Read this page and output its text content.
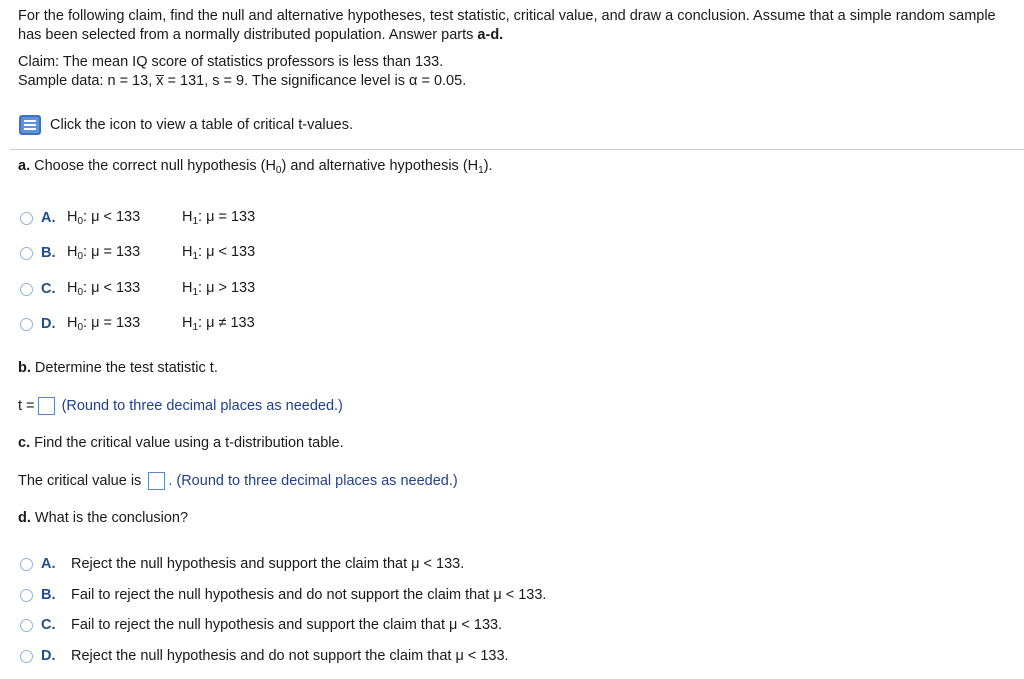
For the following claim, find the null and alternative hypotheses, test statistic, critical value, and draw a conclusion. Assume that a simple random sample has been selected from a normally distributed population. Answer parts a-d.
Claim: The mean IQ score of statistics professors is less than 133.
Sample data: n = 13, x̅ = 131, s = 9. The significance level is α = 0.05.
Click the icon to view a table of critical t-values.
a. Choose the correct null hypothesis $(H_0)$ and alternative hypothesis $(H_1)$.
A. $H_0$: μ < 133	$H_1$: μ = 133
B. $H_0$: μ = 133	$H_1$: μ < 133
C. $H_0$: μ < 133	$H_1$: μ > 133
D. $H_0$: μ = 133	$H_1$: μ ≠ 133
b. Determine the test statistic t.
t = (Round to three decimal places as needed.)
c. Find the critical value using a t-distribution table.
The critical value is . (Round to three decimal places as needed.)
d. What is the conclusion?
A.	Reject the null hypothesis and support the claim that μ < 133.
B.	Fail to reject the null hypothesis and do not support the claim that μ < 133.
C.	Fail to reject the null hypothesis and support the claim that μ < 133.
D.	Reject the null hypothesis and do not support the claim that μ < 133.
